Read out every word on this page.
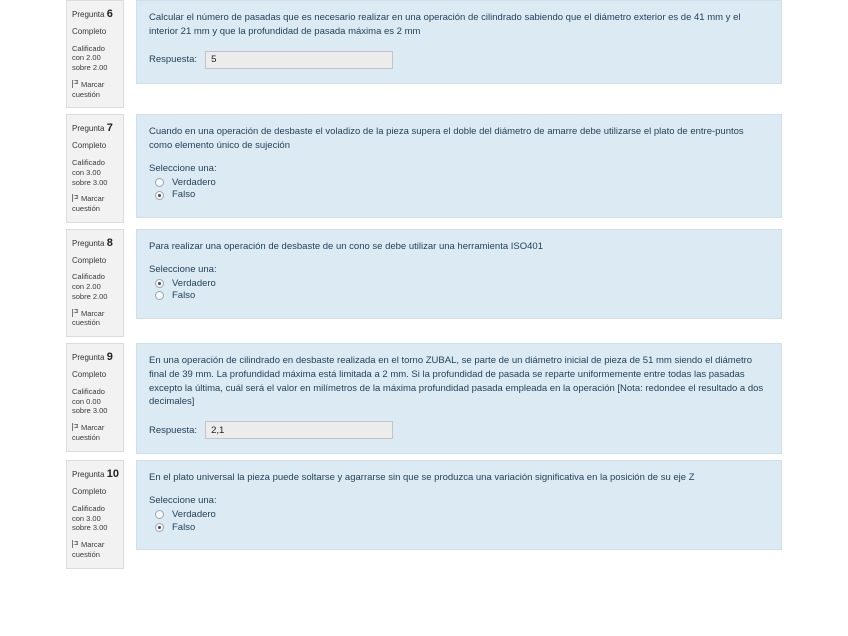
Pregunta 6
Completo
Calificado con 2.00 sobre 2.00
Marcar cuestión

Calcular el número de pasadas que es necesario realizar en una operación de cilindrado sabiendo que el diámetro exterior es de 41 mm y el interior 21 mm y que la profundidad de pasada máxima es 2 mm

Respuesta:
5
Pregunta 7
Completo
Calificado con 3.00 sobre 3.00
Marcar cuestión

Cuando en una operación de desbaste el voladizo de la pieza supera el doble del diámetro de amarre debe utilizarse el plato de entre-puntos como elemento único de sujeción

Seleccione una:
Verdadero
Falso
Pregunta 8
Completo
Calificado con 2.00 sobre 2.00
Marcar cuestión

Para realizar una operación de desbaste de un cono se debe utilizar una herramienta ISO401

Seleccione una:
Verdadero
Falso
Pregunta 9
Completo
Calificado con 0.00 sobre 3.00
Marcar cuestión

En una operación de cilindrado en desbaste realizada en el torno ZUBAL, se parte de un diámetro inicial de pieza de 51 mm siendo el diámetro final de 39 mm. La profundidad máxima está limitada a 2 mm. Si la profundidad de pasada se reparte uniformemente entre todas las pasadas excepto la última, cuál será el valor en milímetros de la máxima profundidad pasada empleada en la operación [Nota: redondee el resultado a dos decimales]

Respuesta:
2,1
Pregunta 10
Completo
Calificado con 3.00 sobre 3.00
Marcar cuestión

En el plato universal la pieza puede soltarse y agarrarse sin que se produzca una variación significativa en la posición de su eje Z

Seleccione una:
Verdadero
Falso
